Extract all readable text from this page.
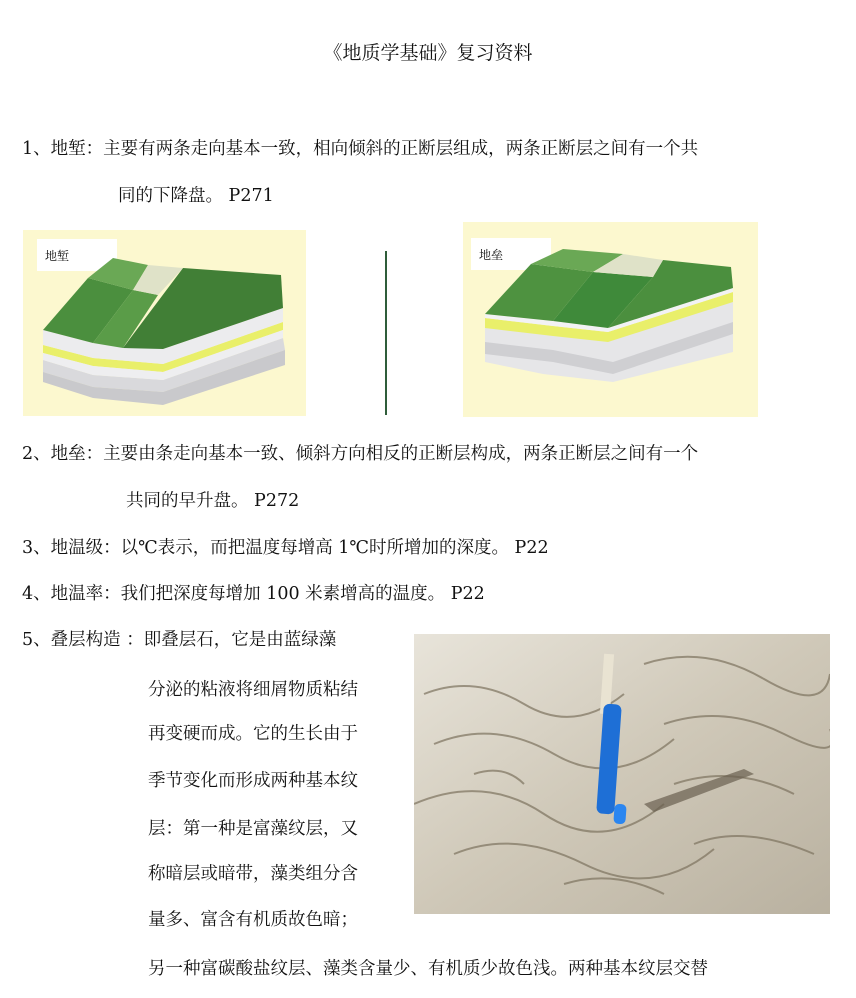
《地质学基础》复习资料
1、地堑：主要有两条走向基本一致，相向倾斜的正断层组成，两条正断层之间有一个共
同的下降盘。 P271
地堑	地垒
2、地垒：主要由条走向基本一致、倾斜方向相反的正断层构成，两条正断层之间有一个
共同的早升盘。 P272
3、地温级：以℃表示，而把温度每增高 1℃时所增加的深度。 P22
4、地温率：我们把深度每增加 100 米素增高的温度。 P22
5、叠层构造 ：即叠层石，它是由蓝绿藻
分泌的粘液将细屑物质粘结
再变硬而成。它的生长由于
季节变化而形成两种基本纹
层：第一种是富藻纹层，又
称暗层或暗带，藻类组分含
量多、富含有机质故色暗；
另一种富碳酸盐纹层、藻类含量少、有机质少故色浅。两种基本纹层交替
